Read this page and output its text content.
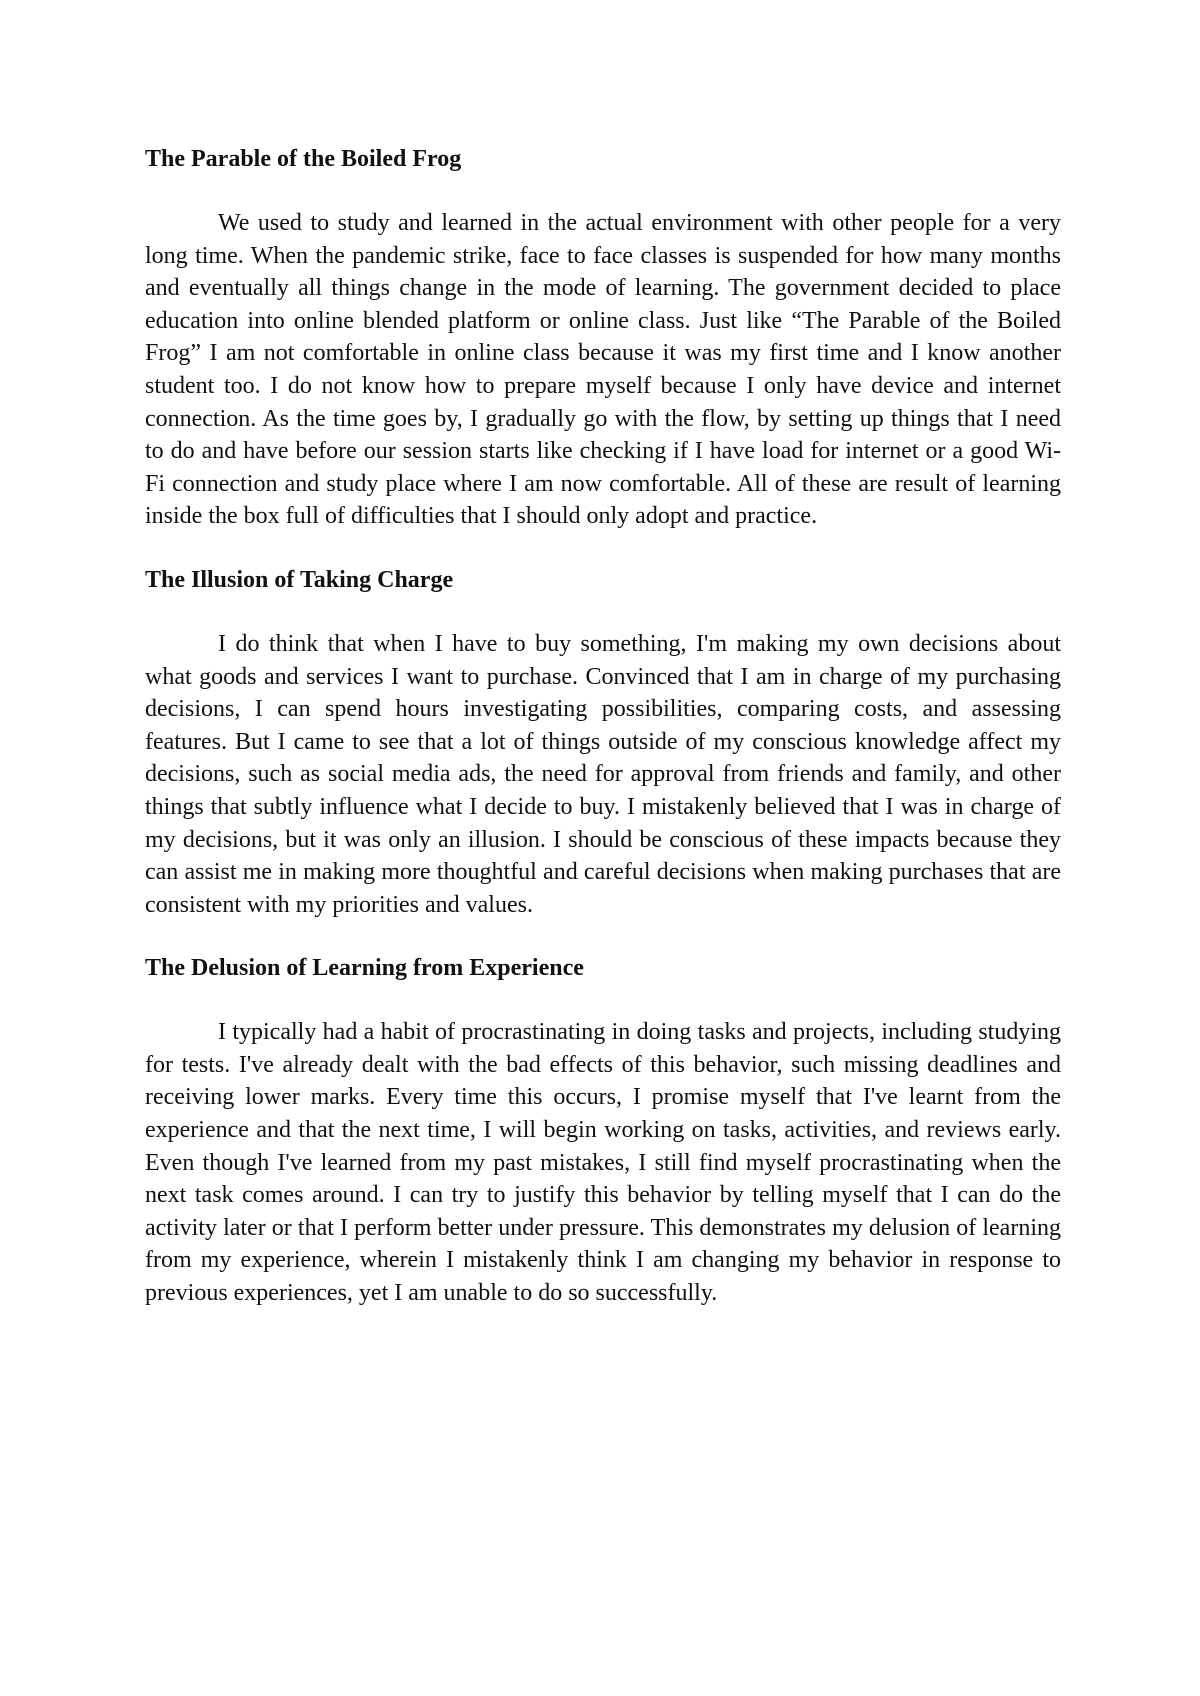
The Parable of the Boiled Frog

We used to study and learned in the actual environment with other people for a very long time. When the pandemic strike, face to face classes is suspended for how many months and eventually all things change in the mode of learning. The government decided to place education into online blended platform or online class. Just like “The Parable of the Boiled Frog” I am not comfortable in online class because it was my first time and I know another student too. I do not know how to prepare myself because I only have device and internet connection. As the time goes by, I gradually go with the flow, by setting up things that I need to do and have before our session starts like checking if I have load for internet or a good Wi-Fi connection and study place where I am now comfortable. All of these are result of learning inside the box full of difficulties that I should only adopt and practice.

The Illusion of Taking Charge

I do think that when I have to buy something, I'm making my own decisions about what goods and services I want to purchase. Convinced that I am in charge of my purchasing decisions, I can spend hours investigating possibilities, comparing costs, and assessing features. But I came to see that a lot of things outside of my conscious knowledge affect my decisions, such as social media ads, the need for approval from friends and family, and other things that subtly influence what I decide to buy. I mistakenly believed that I was in charge of my decisions, but it was only an illusion. I should be conscious of these impacts because they can assist me in making more thoughtful and careful decisions when making purchases that are consistent with my priorities and values.

The Delusion of Learning from Experience

I typically had a habit of procrastinating in doing tasks and projects, including studying for tests. I've already dealt with the bad effects of this behavior, such missing deadlines and receiving lower marks. Every time this occurs, I promise myself that I've learnt from the experience and that the next time, I will begin working on tasks, activities, and reviews early. Even though I've learned from my past mistakes, I still find myself procrastinating when the next task comes around. I can try to justify this behavior by telling myself that I can do the activity later or that I perform better under pressure. This demonstrates my delusion of learning from my experience, wherein I mistakenly think I am changing my behavior in response to previous experiences, yet I am unable to do so successfully.
